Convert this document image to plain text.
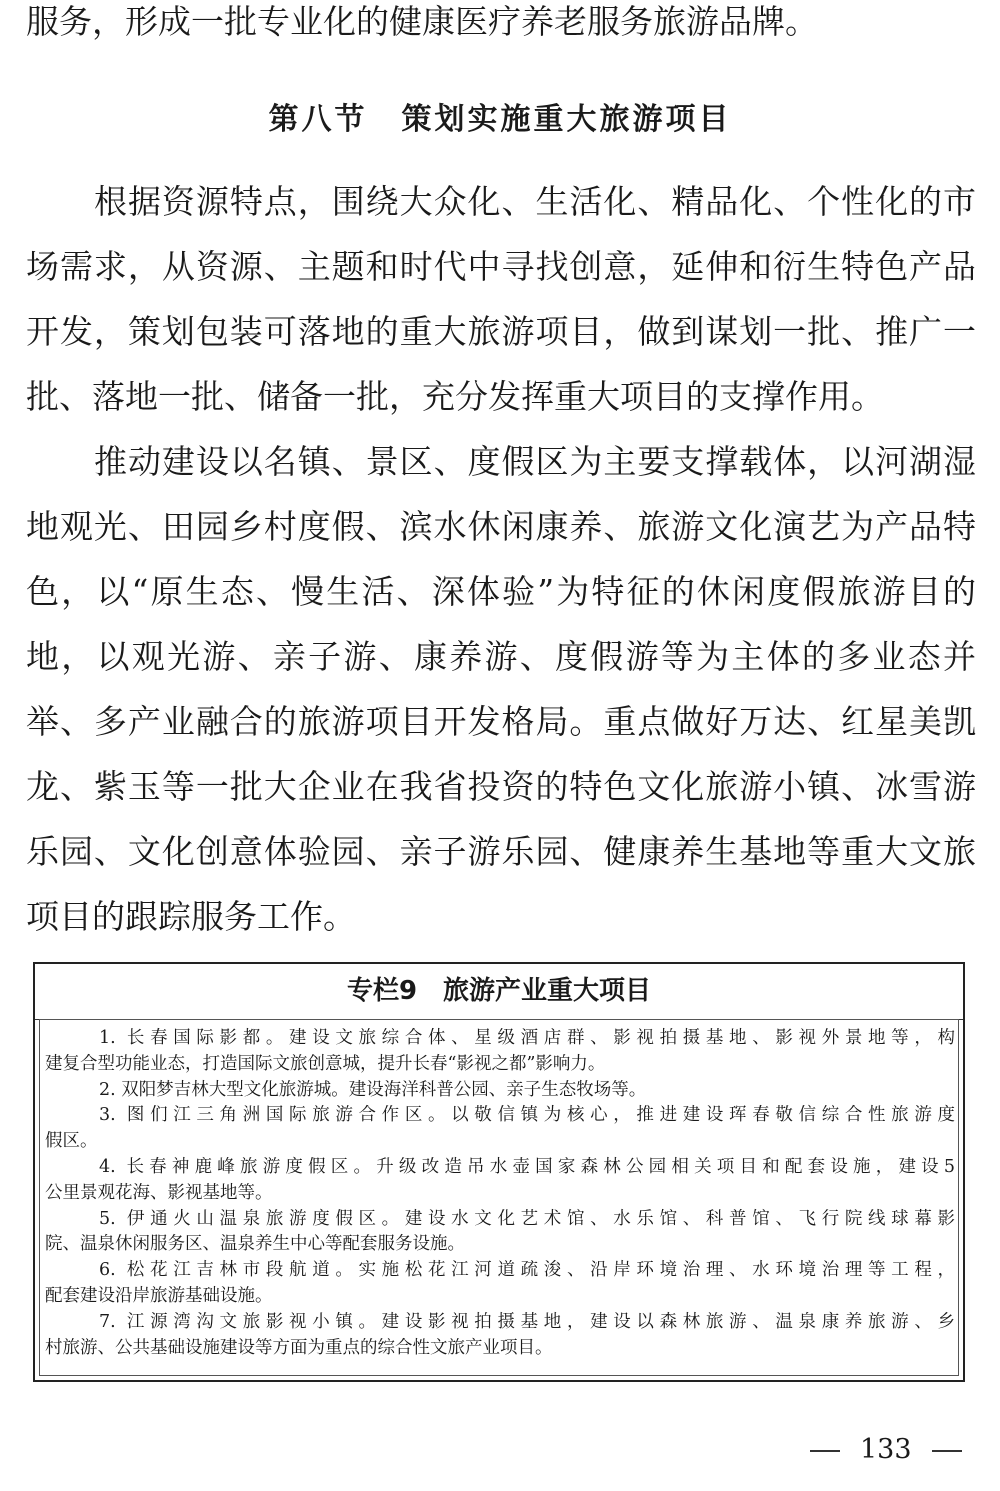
服务，形成一批专业化的健康医疗养老服务旅游品牌。
第八节 策划实施重大旅游项目
根据资源特点，围绕大众化、生活化、精品化、个性化的市
场需求，从资源、主题和时代中寻找创意，延伸和衍生特色产品
开发，策划包装可落地的重大旅游项目，做到谋划一批、推广一
批、落地一批、储备一批，充分发挥重大项目的支撑作用。
推动建设以名镇、景区、度假区为主要支撑载体，以河湖湿
地观光、田园乡村度假、滨水休闲康养、旅游文化演艺为产品特
色，以“原生态、慢生活、深体验”为特征的休闲度假旅游目的
地，以观光游、亲子游、康养游、度假游等为主体的多业态并
举、多产业融合的旅游项目开发格局。重点做好万达、红星美凯
龙、紫玉等一批大企业在我省投资的特色文化旅游小镇、冰雪游
乐园、文化创意体验园、亲子游乐园、健康养生基地等重大文旅
项目的跟踪服务工作。
专栏9 旅游产业重大项目
1. 长春国际影都。建设文旅综合体、星级酒店群、影视拍摄基地、影视外景地等，构
建复合型功能业态，打造国际文旅创意城，提升长春“影视之都”影响力。
2. 双阳梦吉林大型文化旅游城。建设海洋科普公园、亲子生态牧场等。
3. 图们江三角洲国际旅游合作区。以敬信镇为核心，推进建设珲春敬信综合性旅游度
假区。
4. 长春神鹿峰旅游度假区。升级改造吊水壶国家森林公园相关项目和配套设施，建设5
公里景观花海、影视基地等。
5. 伊通火山温泉旅游度假区。建设水文化艺术馆、水乐馆、科普馆、飞行院线球幕影
院、温泉休闲服务区、温泉养生中心等配套服务设施。
6. 松花江吉林市段航道。实施松花江河道疏浚、沿岸环境治理、水环境治理等工程，
配套建设沿岸旅游基础设施。
7. 江源湾沟文旅影视小镇。建设影视拍摄基地，建设以森林旅游、温泉康养旅游、乡
村旅游、公共基础设施建设等方面为重点的综合性文旅产业项目。
133
